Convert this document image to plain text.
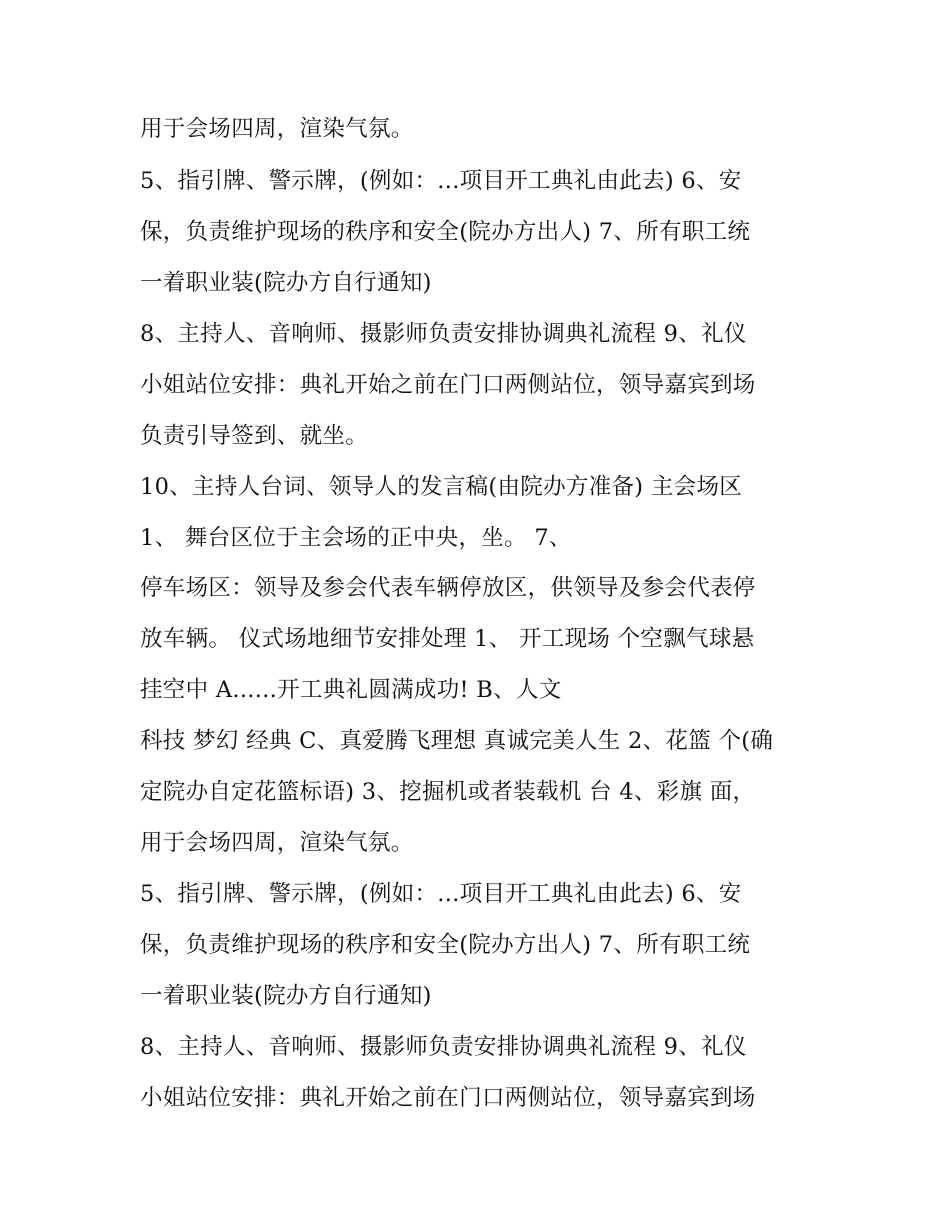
用于会场四周，渲染气氛。
5、指引牌、警示牌，(例如：...项目开工典礼由此去) 6、安
保，负责维护现场的秩序和安全(院办方出人) 7、所有职工统
一着职业装(院办方自行通知)
8、主持人、音响师、摄影师负责安排协调典礼流程 9、礼仪
小姐站位安排：典礼开始之前在门口两侧站位，领导嘉宾到场
负责引导签到、就坐。
10、主持人台词、领导人的发言稿(由院办方准备) 主会场区
1、 舞台区位于主会场的正中央，坐。 7、
停车场区：领导及参会代表车辆停放区，供领导及参会代表停
放车辆。 仪式场地细节安排处理 1、 开工现场 个空飘气球悬
挂空中 A......开工典礼圆满成功! B、人文
科技 梦幻 经典 C、真爱腾飞理想 真诚完美人生 2、花篮 个(确
定院办自定花篮标语) 3、挖掘机或者装载机 台 4、彩旗 面，
用于会场四周，渲染气氛。
5、指引牌、警示牌，(例如：...项目开工典礼由此去) 6、安
保，负责维护现场的秩序和安全(院办方出人) 7、所有职工统
一着职业装(院办方自行通知)
8、主持人、音响师、摄影师负责安排协调典礼流程 9、礼仪
小姐站位安排：典礼开始之前在门口两侧站位，领导嘉宾到场
